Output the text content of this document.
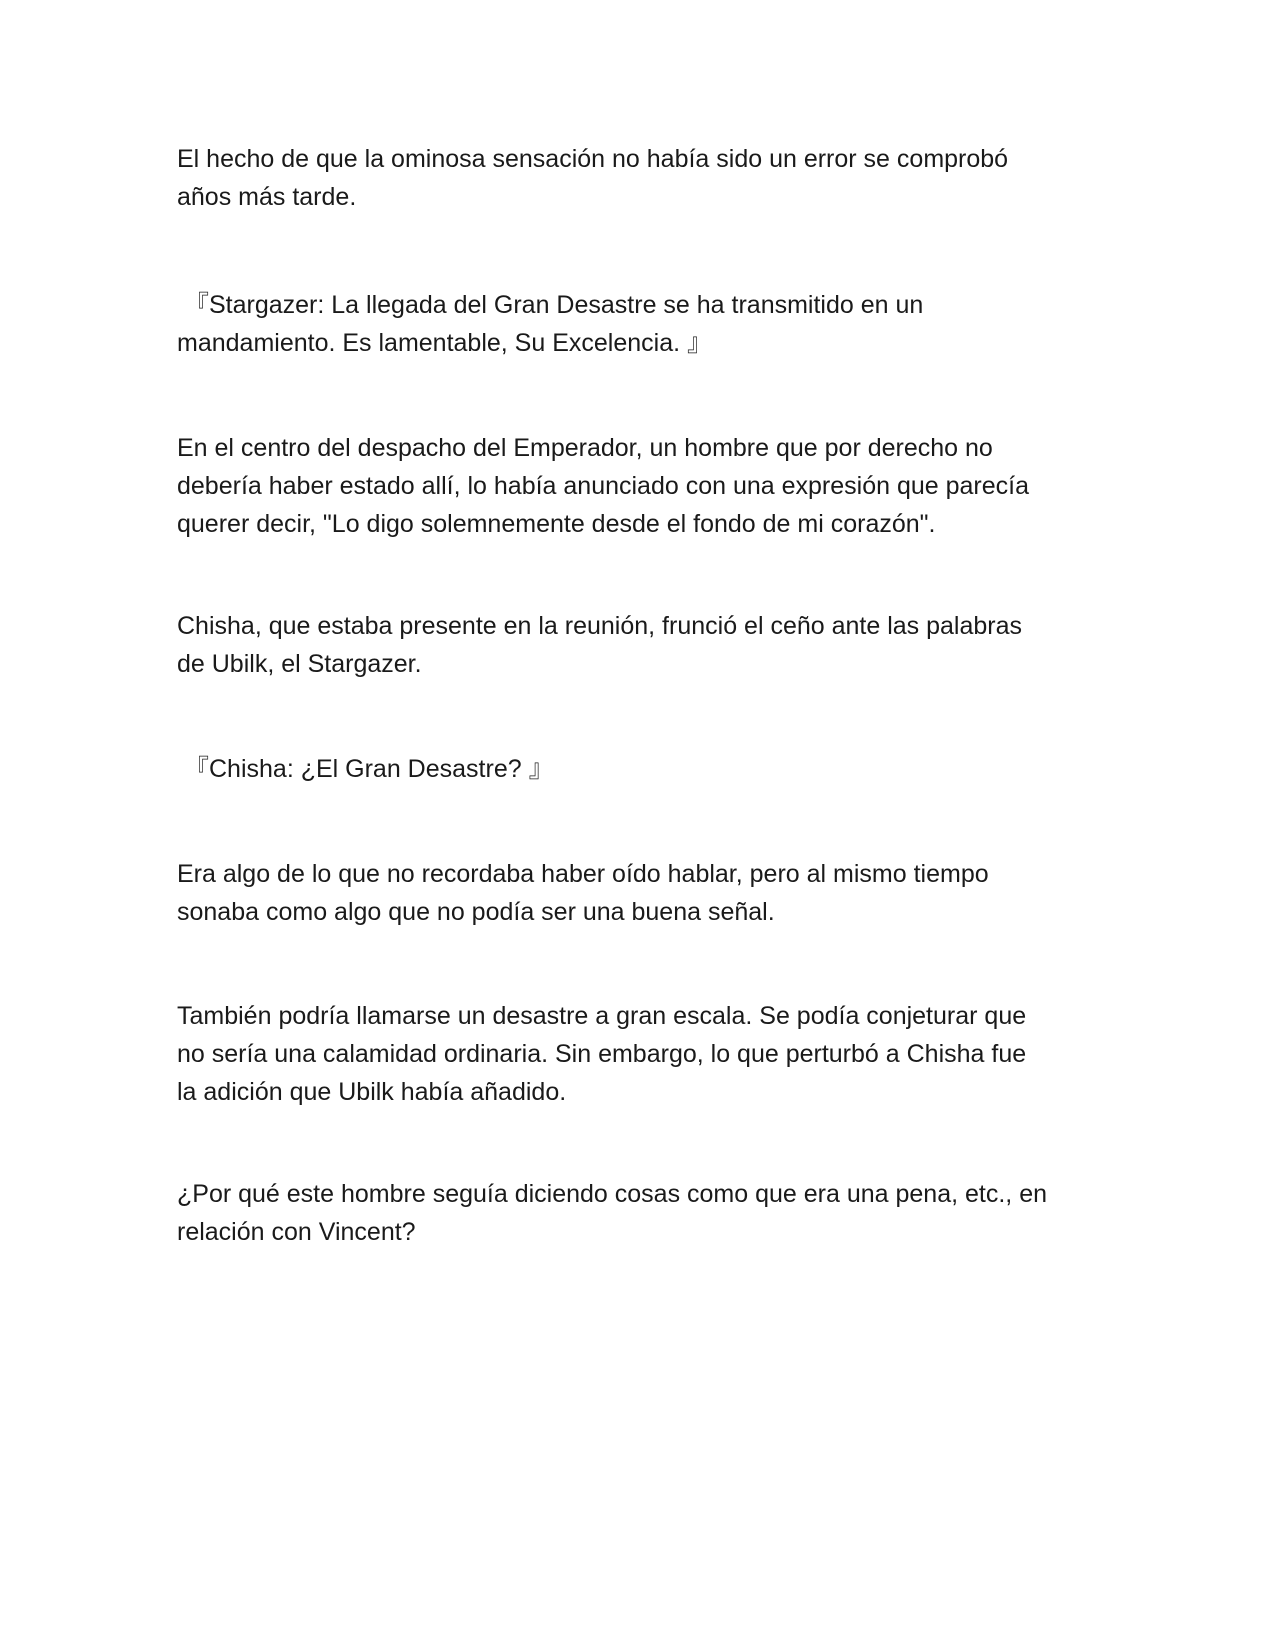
El hecho de que la ominosa sensación no había sido un error se comprobó
años más tarde.

『Stargazer: La llegada del Gran Desastre se ha transmitido en un
mandamiento. Es lamentable, Su Excelencia. 』

En el centro del despacho del Emperador, un hombre que por derecho no
debería haber estado allí, lo había anunciado con una expresión que parecía
querer decir, "Lo digo solemnemente desde el fondo de mi corazón".

Chisha, que estaba presente en la reunión, frunció el ceño ante las palabras
de Ubilk, el Stargazer.

『Chisha: ¿El Gran Desastre? 』

Era algo de lo que no recordaba haber oído hablar, pero al mismo tiempo
sonaba como algo que no podía ser una buena señal.

También podría llamarse un desastre a gran escala. Se podía conjeturar que
no sería una calamidad ordinaria. Sin embargo, lo que perturbó a Chisha fue
la adición que Ubilk había añadido.

¿Por qué este hombre seguía diciendo cosas como que era una pena, etc., en
relación con Vincent?
